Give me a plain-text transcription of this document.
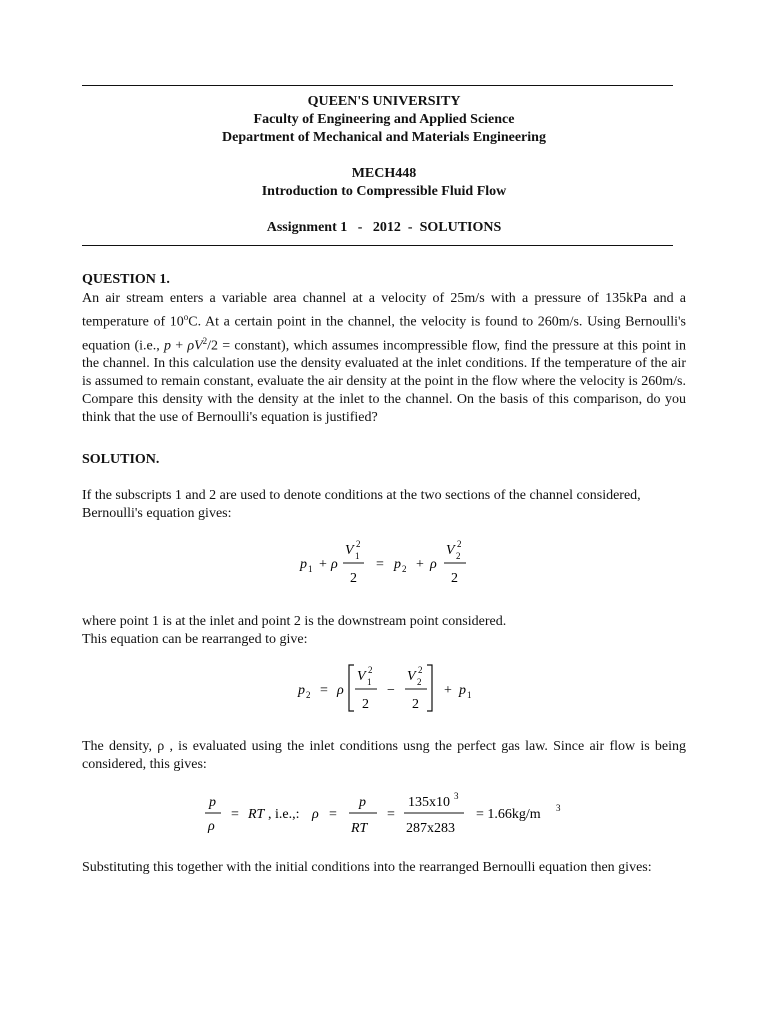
QUEEN'S UNIVERSITY
Faculty of Engineering and Applied Science
Department of Mechanical and Materials Engineering
MECH448
Introduction to Compressible Fluid Flow
Assignment 1   -   2012  -  SOLUTIONS
QUESTION 1.
An air stream enters a variable area channel at a velocity of 25m/s with a pressure of 135kPa and a temperature of 10$^o$C. At a certain point in the channel, the velocity is found to 260m/s. Using Bernoulli's equation (i.e., $p + \rho V^2/2$ = constant), which assumes incompressible flow, find the pressure at this point in the channel. In this calculation use the density evaluated at the inlet conditions. If the temperature of the air is assumed to remain constant, evaluate the air density at the point in the flow where the velocity is 260m/s. Compare this density with the density at the inlet to the channel. On the basis of this comparison, do you think that the use of Bernoulli's equation is justified?
SOLUTION.
If the subscripts 1 and 2 are used to denote conditions at the two sections of the channel considered, Bernoulli's equation gives:
p 1 + ρ
V 2
1
2
= p 2 + ρ
V 2
2
2
where point 1 is at the inlet and point 2 is the downstream point considered.
This equation can be rearranged to give:
p 2 = ρ
V 2
1
2
−
V 2
2
2
+ p 1
The density, ρ , is evaluated using the inlet conditions usng the perfect gas law. Since air flow is being considered, this gives:
p
ρ
= RT , i.e.,: ρ =
p
RT
=
135x10 3
287x283
= 1.66kg/m 3
Substituting this together with the initial conditions into the rearranged Bernoulli equation then gives:
